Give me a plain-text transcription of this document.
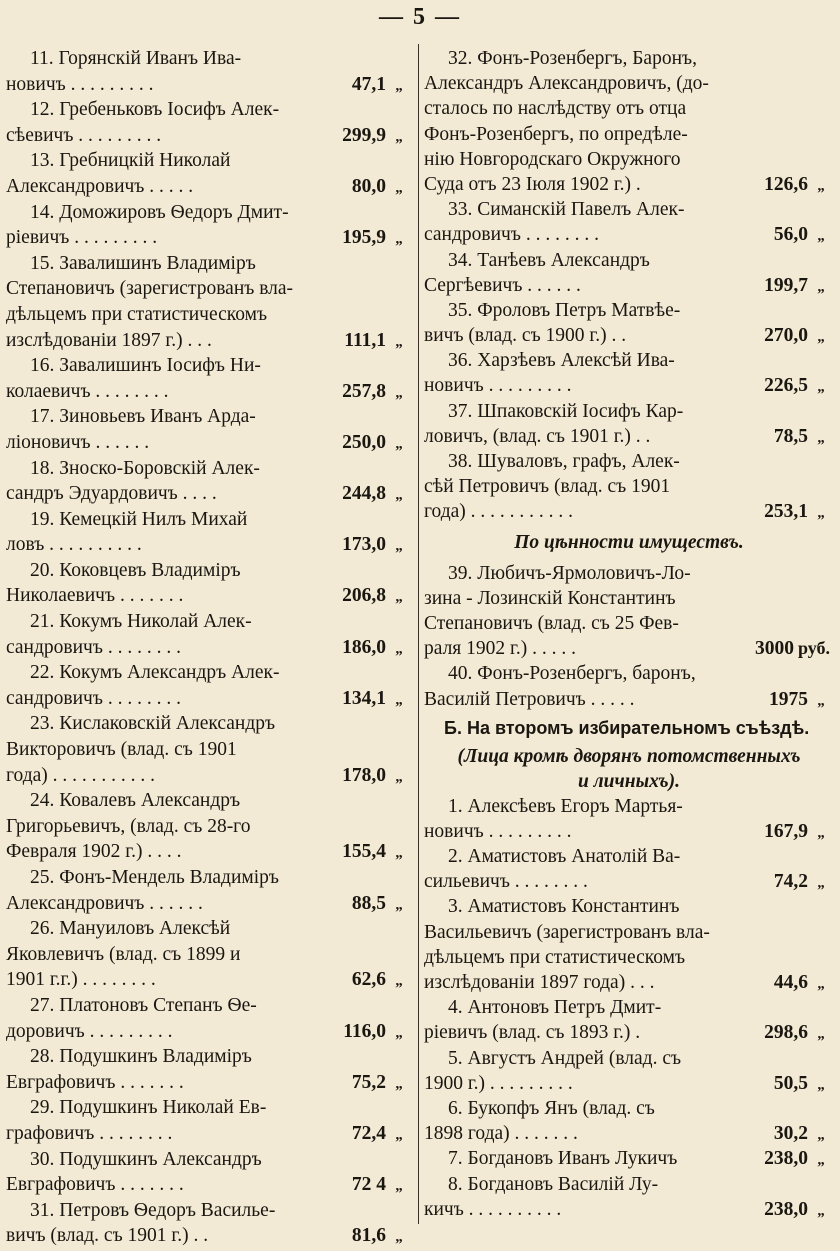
— 5 —
11. Горянскій Иванъ Ива-
новичъ . . . . . . . . .	47,1 „
12. Гребеньковъ Іосифъ Алек-
сѣевичъ . . . . . . . . .	299,9 „
13. Гребницкій Николай
Александровичъ . . . . .	80,0 „
14. Доможировъ Ѳедоръ Дмит-
ріевичъ . . . . . . . . .	195,9 „
15. Завалишинъ Владиміръ
Степановичъ (зарегистрованъ вла-
дѣльцемъ при статистическомъ
изслѣдованіи 1897 г.) . . .	111,1 „
16. Завалишинъ Іосифъ Ни-
колаевичъ . . . . . . . .	257,8 „
17. Зиновьевъ Иванъ Арда-
ліоновичъ . . . . . .	250,0 „
18. Зноско-Боровскій Алек-
сандръ Эдуардовичъ . . . .	244,8 „
19. Кемецкій Нилъ Михай
ловъ . . . . . . . . . .	173,0 „
20. Коковцевъ Владиміръ
Николаевичъ . . . . . . .	206,8 „
21. Кокумъ Николай Алек-
сандровичъ . . . . . . . .	186,0 „
22. Кокумъ Александръ Алек-
сандровичъ . . . . . . . .	134,1 „
23. Кислаковскій Александръ
Викторовичъ (влад. съ 1901
года) . . . . . . . . . . .	178,0 „
24. Ковалевъ Александръ
Григорьевичъ, (влад. съ 28-го
Февраля 1902 г.) . . . .	155,4 „
25. Фонъ-Мендель Владиміръ
Александровичъ . . . . . .	88,5 „
26. Мануиловъ Алексѣй
Яковлевичъ (влад. съ 1899 и
1901 г.г.) . . . . . . . .	62,6 „
27. Платоновъ Степанъ Ѳе-
доровичъ . . . . . . . . .	116,0 „
28. Подушкинъ Владиміръ
Евграфовичъ . . . . . . .	75,2 „
29. Подушкинъ Николай Ев-
графовичъ . . . . . . . .	72,4 „
30. Подушкинъ Александръ
Евграфовичъ . . . . . . .	72 4 „
31. Петровъ Ѳедоръ Василье-
вичъ (влад. съ 1901 г.) . .	81,6 „
32. Фонъ-Розенбергъ, Баронъ,
Александръ Александровичъ, (до-
сталось по наслѣдству отъ отца
Фонъ-Розенбергъ, по опредѣле-
нію Новгородскаго Окружного
Суда отъ 23 Іюля 1902 г.) .	126,6 „
33. Симанскій Павелъ Алек-
сандровичъ . . . . . . . .	56,0 „
34. Танѣевъ Александръ
Сергѣевичъ . . . . . .	199,7 „
35. Фроловъ Петръ Матвѣе-
вичъ (влад. съ 1900 г.) . .	270,0 „
36. Харзѣевъ Алексѣй Ива-
новичъ . . . . . . . . .	226,5 „
37. Шпаковскій Іосифъ Кар-
ловичъ, (влад. съ 1901 г.) . .	78,5 „
38. Шуваловъ, графъ, Алек-
сѣй Петровичъ (влад. съ 1901
года) . . . . . . . . . . .	253,1 „
По цѣнности имуществъ.
39. Любичъ-Ярмоловичъ-Ло-
зина - Лозинскій Константинъ
Степановичъ (влад. съ 25 Фев-
раля 1902 г.) . . . . .	3000 руб.
40. Фонъ-Розенбергъ, баронъ,
Василій Петровичъ . . . . .	1975 „
Б. На второмъ избирательномъ съѣздѣ.
(Лица кромѣ дворянъ потомственныхъ
и личныхъ).
1. Алексѣевъ Егоръ Мартья-
новичъ . . . . . . . . .	167,9 „
2. Аматистовъ Анатолій Ва-
сильевичъ . . . . . . . .	74,2 „
3. Аматистовъ Константинъ
Васильевичъ (зарегистрованъ вла-
дѣльцемъ при статистическомъ
изслѣдованіи 1897 года) . . .	44,6 „
4. Антоновъ Петръ Дмит-
ріевичъ (влад. съ 1893 г.) .	298,6 „
5. Августъ Андрей (влад. съ
1900 г.) . . . . . . . . .	50,5 „
6. Букопфъ Янъ (влад. съ
1898 года) . . . . . . .	30,2 „
7. Богдановъ Иванъ Лукичъ	238,0 „
8. Богдановъ Василій Лу-
кичъ . . . . . . . . . .	238,0 „
